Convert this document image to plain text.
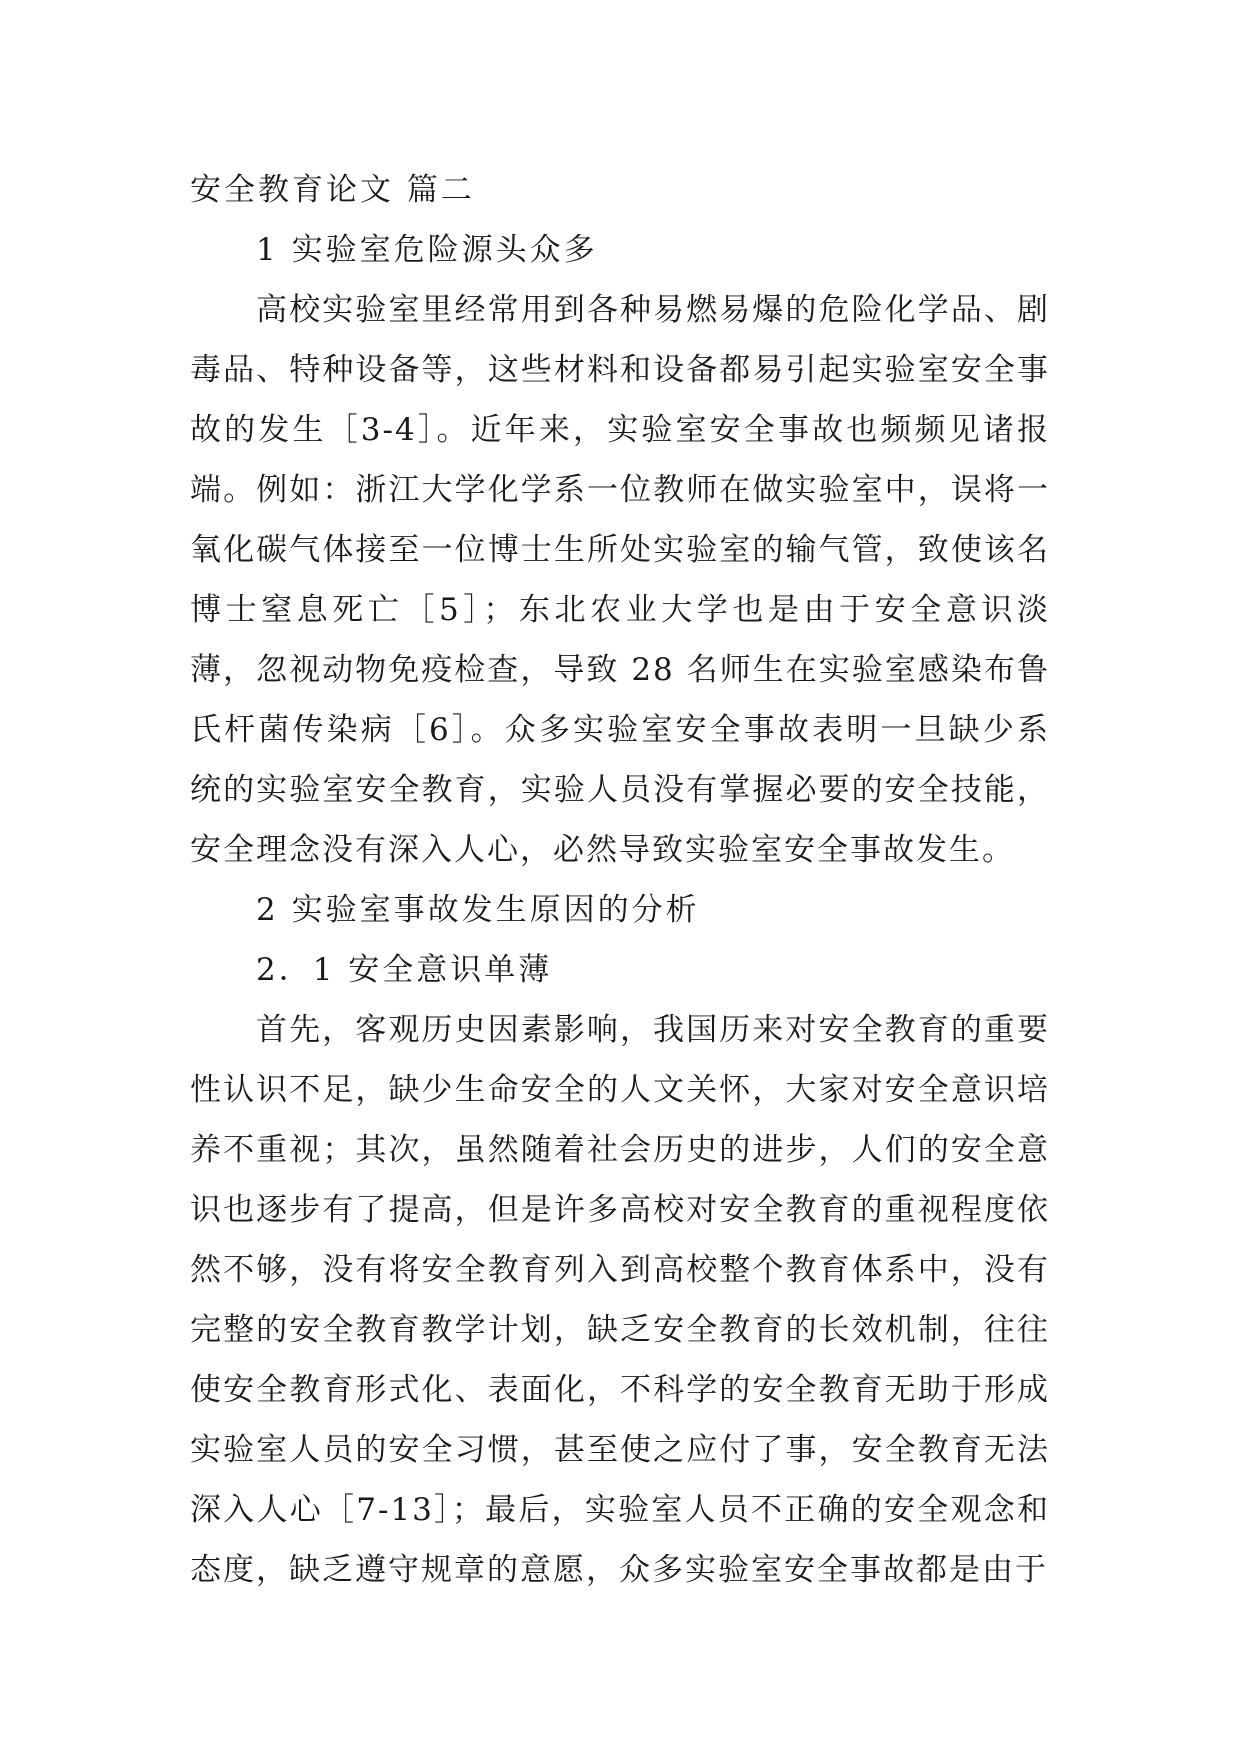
安全教育论文 篇二
1 实验室危险源头众多

高校实验室里经常用到各种易燃易爆的危险化学品、剧毒品、特种设备等，这些材料和设备都易引起实验室安全事故的发生［3-4］。近年来，实验室安全事故也频频见诸报端。例如：浙江大学化学系一位教师在做实验室中，误将一氧化碳气体接至一位博士生所处实验室的输气管，致使该名博士窒息死亡［5］；东北农业大学也是由于安全意识淡薄，忽视动物免疫检查，导致 28 名师生在实验室感染布鲁氏杆菌传染病［6］。众多实验室安全事故表明一旦缺少系统的实验室安全教育，实验人员没有掌握必要的安全技能，安全理念没有深入人心，必然导致实验室安全事故发生。

2 实验室事故发生原因的分析
2．1 安全意识单薄

首先，客观历史因素影响，我国历来对安全教育的重要性认识不足，缺少生命安全的人文关怀，大家对安全意识培养不重视；其次，虽然随着社会历史的进步，人们的安全意识也逐步有了提高，但是许多高校对安全教育的重视程度依然不够，没有将安全教育列入到高校整个教育体系中，没有完整的安全教育教学计划，缺乏安全教育的长效机制，往往使安全教育形式化、表面化，不科学的安全教育无助于形成实验室人员的安全习惯，甚至使之应付了事，安全教育无法深入人心［7-13］；最后，实验室人员不正确的安全观念和态度，缺乏遵守规章的意愿，众多实验室安全事故都是由于
